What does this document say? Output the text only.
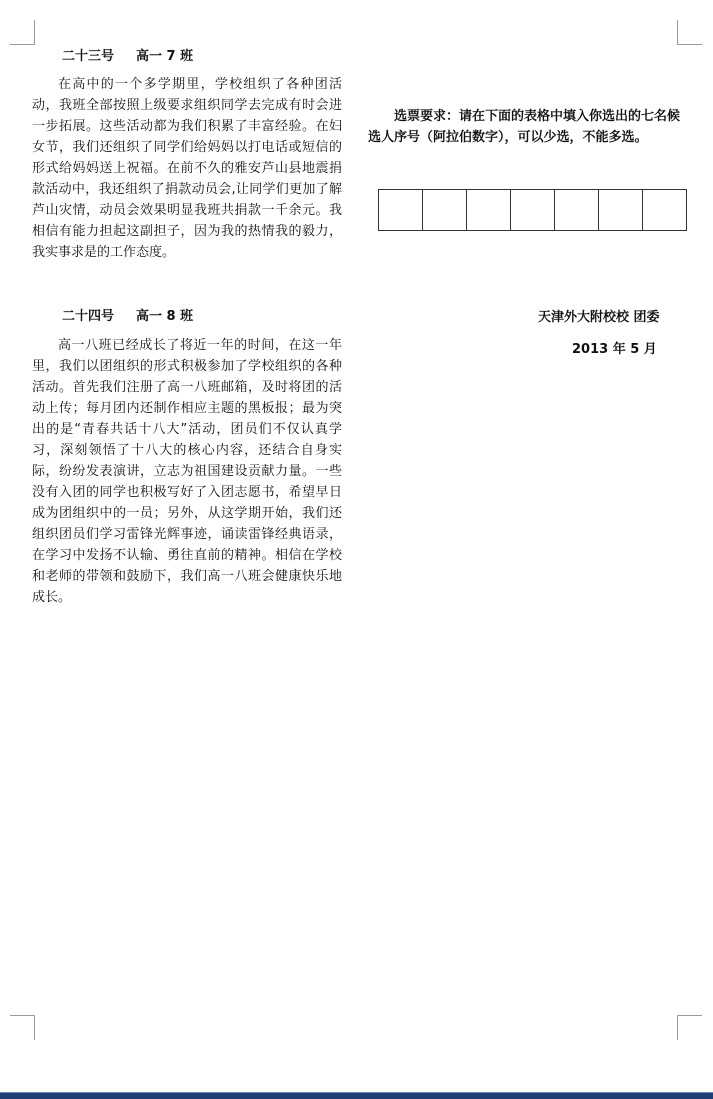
二十三号 高一 7 班

在高中的一个多学期里，学校组织了各种团活动，我班全部按照上级要求组织同学去完成有时会进一步拓展。这些活动都为我们积累了丰富经验。在妇女节，我们还组织了同学们给妈妈以打电话或短信的形式给妈妈送上祝福。在前不久的雅安芦山县地震捐款活动中，我还组织了捐款动员会,让同学们更加了解芦山灾情，动员会效果明显我班共捐款一千余元。我相信有能力担起这副担子，因为我的热情我的毅力，我实事求是的工作态度。

二十四号 高一 8 班

高一八班已经成长了将近一年的时间，在这一年里，我们以团组织的形式积极参加了学校组织的各种活动。首先我们注册了高一八班邮箱，及时将团的活动上传；每月团内还制作相应主题的黑板报；最为突出的是“青春共话十八大”活动，团员们不仅认真学习，深刻领悟了十八大的核心内容，还结合自身实际，纷纷发表演讲，立志为祖国建设贡献力量。一些没有入团的同学也积极写好了入团志愿书，希望早日成为团组织中的一员；另外，从这学期开始，我们还组织团员们学习雷锋光辉事迹，诵读雷锋经典语录，在学习中发扬不认输、勇往直前的精神。相信在学校和老师的带领和鼓励下，我们高一八班会健康快乐地成长。

选票要求：请在下面的表格中填入你选出的七名候选人序号（阿拉伯数字），可以少选，不能多选。

天津外大附校校 团委
2013 年 5 月
